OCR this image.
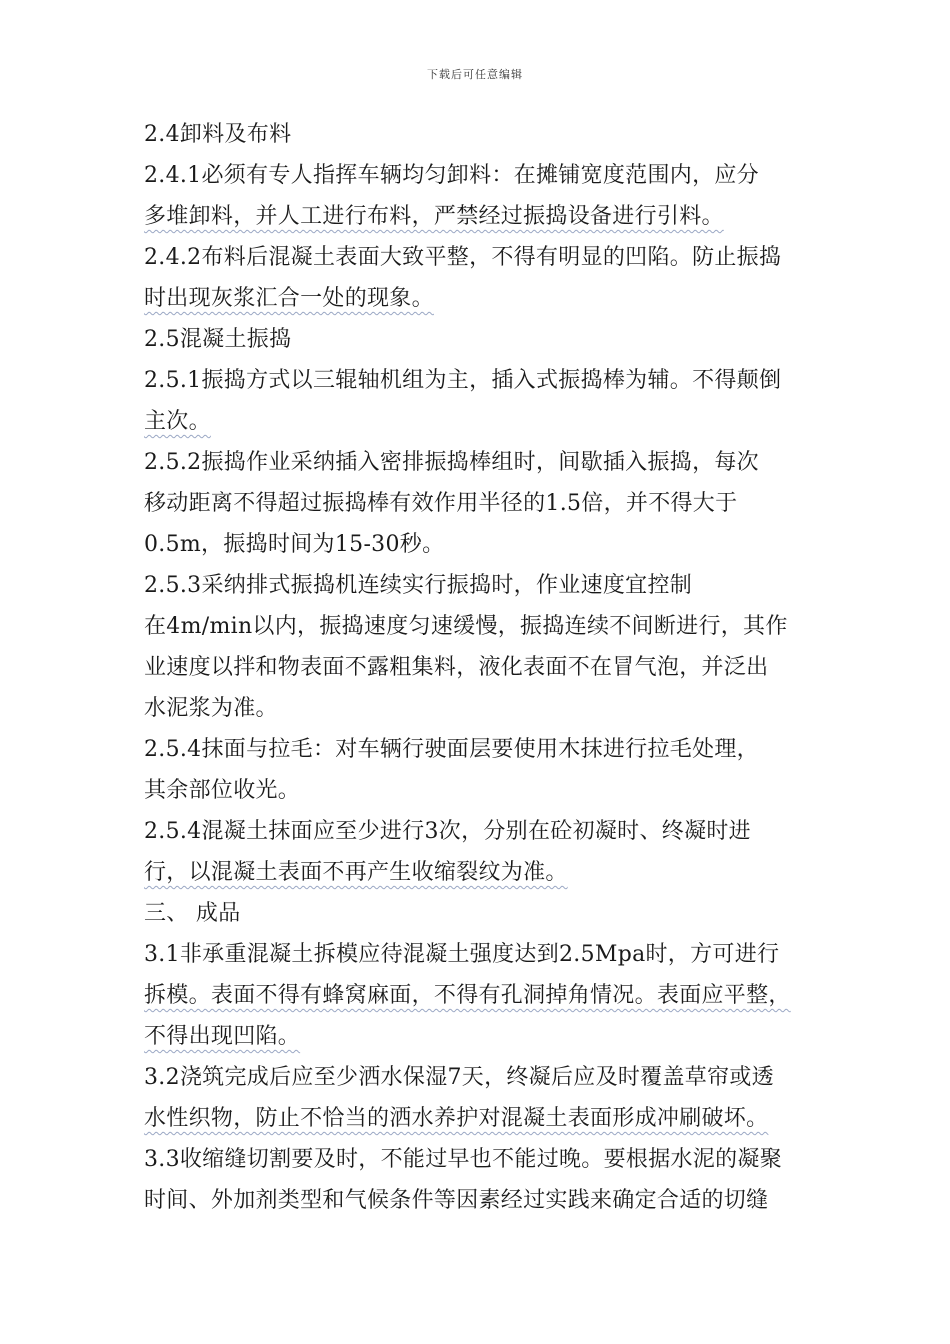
下载后可任意编辑
2.4卸料及布料
2.4.1必须有专人指挥车辆均匀卸料：在摊铺宽度范围内，应分
多堆卸料，并人工进行布料，严禁经过振捣设备进行引料。
2.4.2布料后混凝土表面大致平整，不得有明显的凹陷。防止振捣
时出现灰浆汇合一处的现象。
2.5混凝土振捣
2.5.1振捣方式以三辊轴机组为主，插入式振捣棒为辅。不得颠倒
主次。
2.5.2振捣作业采纳插入密排振捣棒组时，间歇插入振捣，每次
移动距离不得超过振捣棒有效作用半径的1.5倍，并不得大于
0.5m，振捣时间为15-30秒。
2.5.3采纳排式振捣机连续实行振捣时，作业速度宜控制
在4m/min以内，振捣速度匀速缓慢，振捣连续不间断进行，其作
业速度以拌和物表面不露粗集料，液化表面不在冒气泡，并泛出
水泥浆为准。
2.5.4抹面与拉毛：对车辆行驶面层要使用木抹进行拉毛处理，
其余部位收光。
2.5.4混凝土抹面应至少进行3次，分别在砼初凝时、终凝时进
行，以混凝土表面不再产生收缩裂纹为准。
三、 成品
3.1非承重混凝土拆模应待混凝土强度达到2.5Mpa时，方可进行
拆模。表面不得有蜂窝麻面，不得有孔洞掉角情况。表面应平整，
不得出现凹陷。
3.2浇筑完成后应至少洒水保湿7天，终凝后应及时覆盖草帘或透
水性织物，防止不恰当的洒水养护对混凝土表面形成冲刷破坏。
3.3收缩缝切割要及时，不能过早也不能过晚。要根据水泥的凝聚
时间、外加剂类型和气候条件等因素经过实践来确定合适的切缝
